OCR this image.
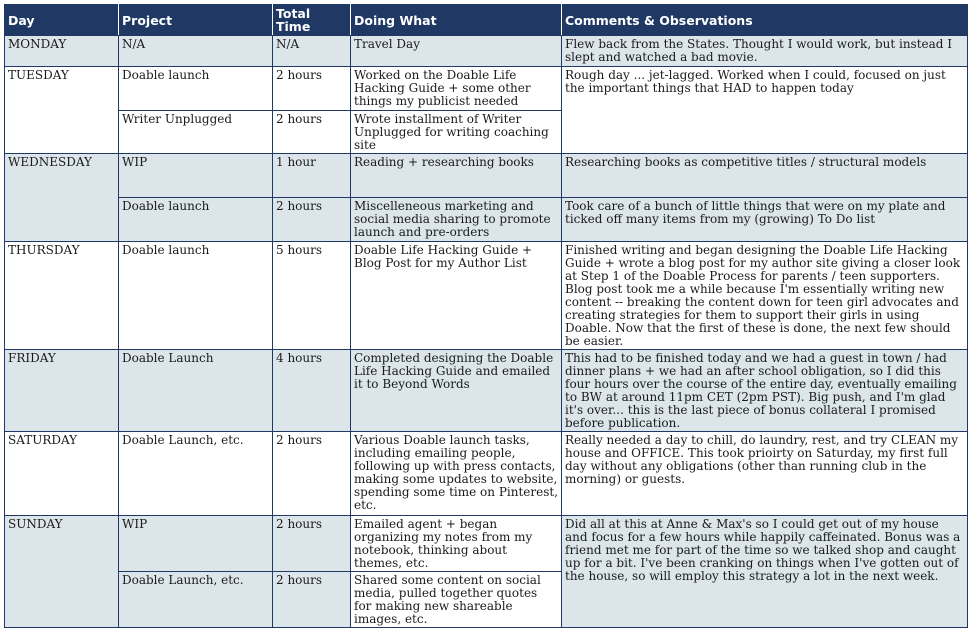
Day	Project	Total Time	Doing What	Comments & Observations
MONDAY	N/A	N/A	Travel Day	Flew back from the States. Thought I would work, but instead I slept and watched a bad movie.
TUESDAY	Doable launch	2 hours	Worked on the Doable Life Hacking Guide + some other things my publicist needed	Rough day ... jet-lagged. Worked when I could, focused on just the important things that HAD to happen today
	Writer Unplugged	2 hours	Wrote installment of Writer Unplugged for writing coaching site	
WEDNESDAY	WIP	1 hour	Reading + researching books	Researching books as competitive titles / structural models
	Doable launch	2 hours	Miscelleneous marketing and social media sharing to promote launch and pre-orders	Took care of a bunch of little things that were on my plate and ticked off many items from my (growing) To Do list
THURSDAY	Doable launch	5 hours	Doable Life Hacking Guide + Blog Post for my Author List	Finished writing and began designing the Doable Life Hacking Guide + wrote a blog post for my author site giving a closer look at Step 1 of the Doable Process for parents / teen supporters. Blog post took me a while because I'm essentially writing new content -- breaking the content down for teen girl advocates and creating strategies for them to support their girls in using Doable. Now that the first of these is done, the next few should be easier.
FRIDAY	Doable Launch	4 hours	Completed designing the Doable Life Hacking Guide and emailed it to Beyond Words	This had to be finished today and we had a guest in town / had dinner plans + we had an after school obligation, so I did this four hours over the course of the entire day, eventually emailing to BW at around 11pm CET (2pm PST). Big push, and I'm glad it's over... this is the last piece of bonus collateral I promised before publication.
SATURDAY	Doable Launch, etc.	2 hours	Various Doable launch tasks, including emailing people, following up with press contacts, making some updates to website, spending some time on Pinterest, etc.	Really needed a day to chill, do laundry, rest, and try CLEAN my house and OFFICE. This took prioirty on Saturday, my first full day without any obligations (other than running club in the morning) or guests.
SUNDAY	WIP	2 hours	Emailed agent + began organizing my notes from my notebook, thinking about themes, etc.	Did all at this at Anne & Max's so I could get out of my house and focus for a few hours while happily caffeinated. Bonus was a friend met me for part of the time so we talked shop and caught up for a bit. I've been cranking on things when I've gotten out of the house, so will employ this strategy a lot in the next week.
	Doable Launch, etc.	2 hours	Shared some content on social media, pulled together quotes for making new shareable images, etc.	
